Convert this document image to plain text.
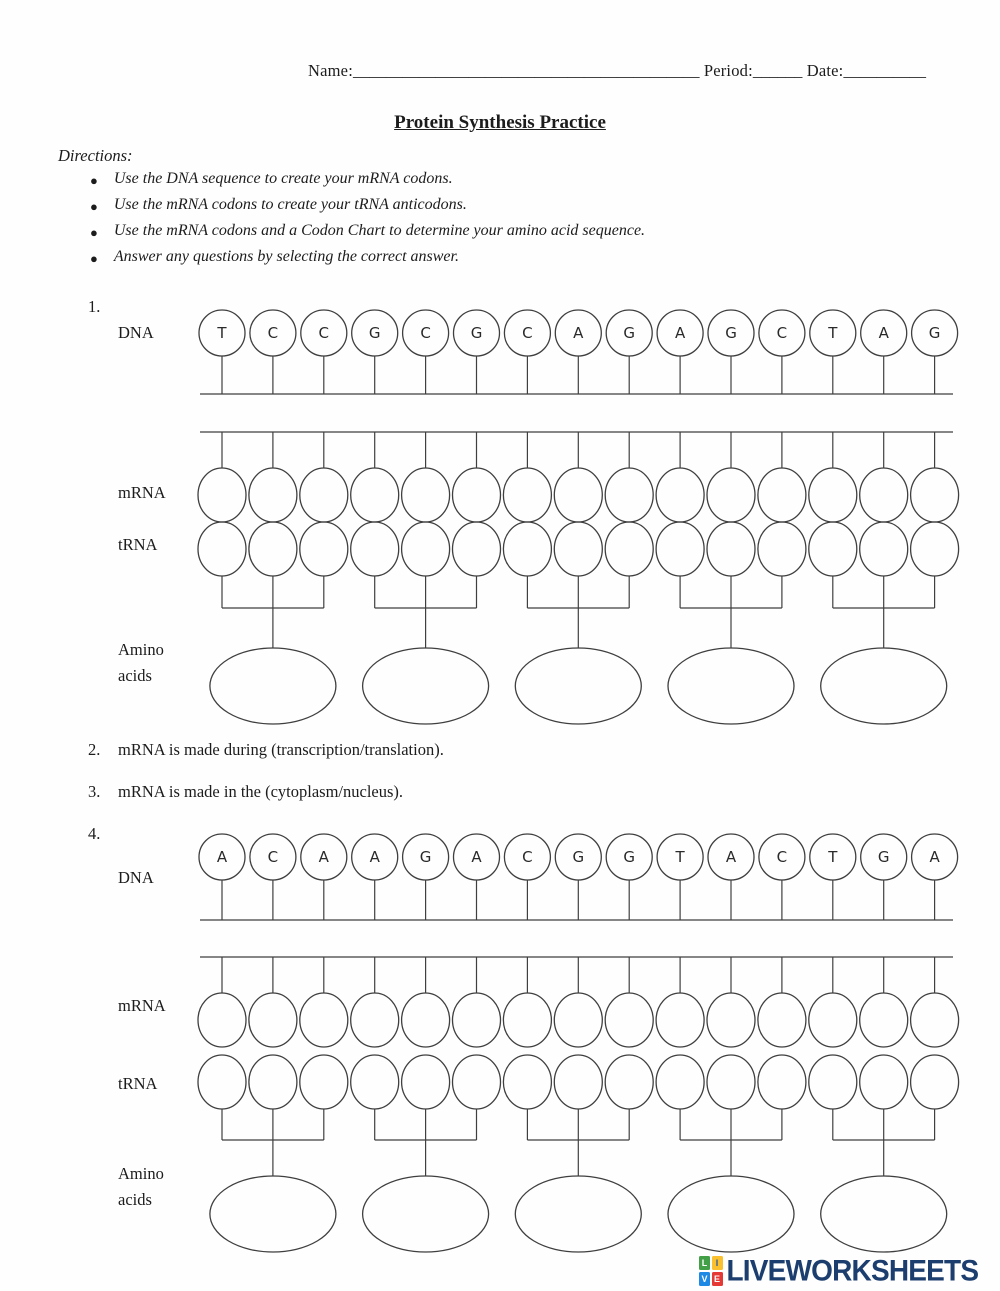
Name:__________________________________________ Period:______ Date:__________
Protein Synthesis Practice
Directions:
● Use the DNA sequence to create your mRNA codons.
● Use the mRNA codons to create your tRNA anticodons.
● Use the mRNA codons and a Codon Chart to determine your amino acid sequence.
● Answer any questions by selecting the correct answer.
T	C	C	G	C	G	C	A	G	A	G	C	T	A	G
A	C	A	A	G	A	C	G	G	T	A	C	T	G	A
1.
DNA
mRNA
tRNA
Amino
acids
2. mRNA is made during (transcription/translation).
3. mRNA is made in the (cytoplasm/nucleus).
4.
DNA
mRNA
tRNA
Amino
acids
L I
V E LIVEWORKSHEETS
